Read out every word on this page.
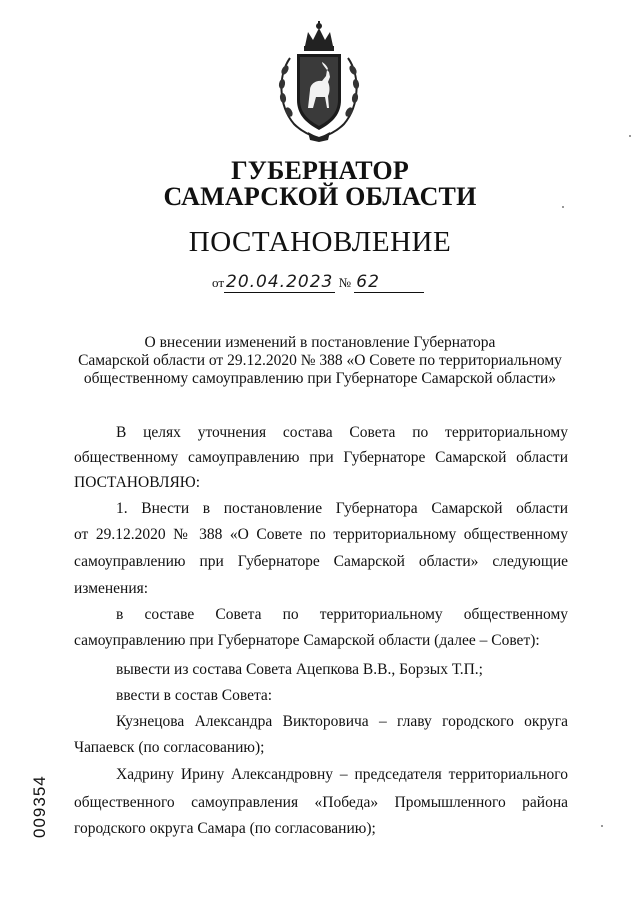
ГУБЕРНАТОР
САМАРСКОЙ ОБЛАСТИ
ПОСТАНОВЛЕНИЕ
от 20.04.2023 № 62
О внесении изменений в постановление Губернатора
Самарской области от 29.12.2020 № 388 «О Совете по территориальному
общественному самоуправлению при Губернаторе Самарской области»
В целях уточнения состава Совета по территориальному
общественному самоуправлению при Губернаторе Самарской области
ПОСТАНОВЛЯЮ:
1. Внести в постановление Губернатора Самарской области
от 29.12.2020 № 388 «О Совете по территориальному общественному
самоуправлению при Губернаторе Самарской области» следующие
изменения:
в составе Совета по территориальному общественному
самоуправлению при Губернаторе Самарской области (далее – Совет):
вывести из состава Совета Ацепкова В.В., Борзых Т.П.;
ввести в состав Совета:
Кузнецова Александра Викторовича – главу городского округа
Чапаевск (по согласованию);
Хадрину Ирину Александровну – председателя территориального
общественного самоуправления «Победа» Промышленного района
городского округа Самара (по согласованию);
009354
